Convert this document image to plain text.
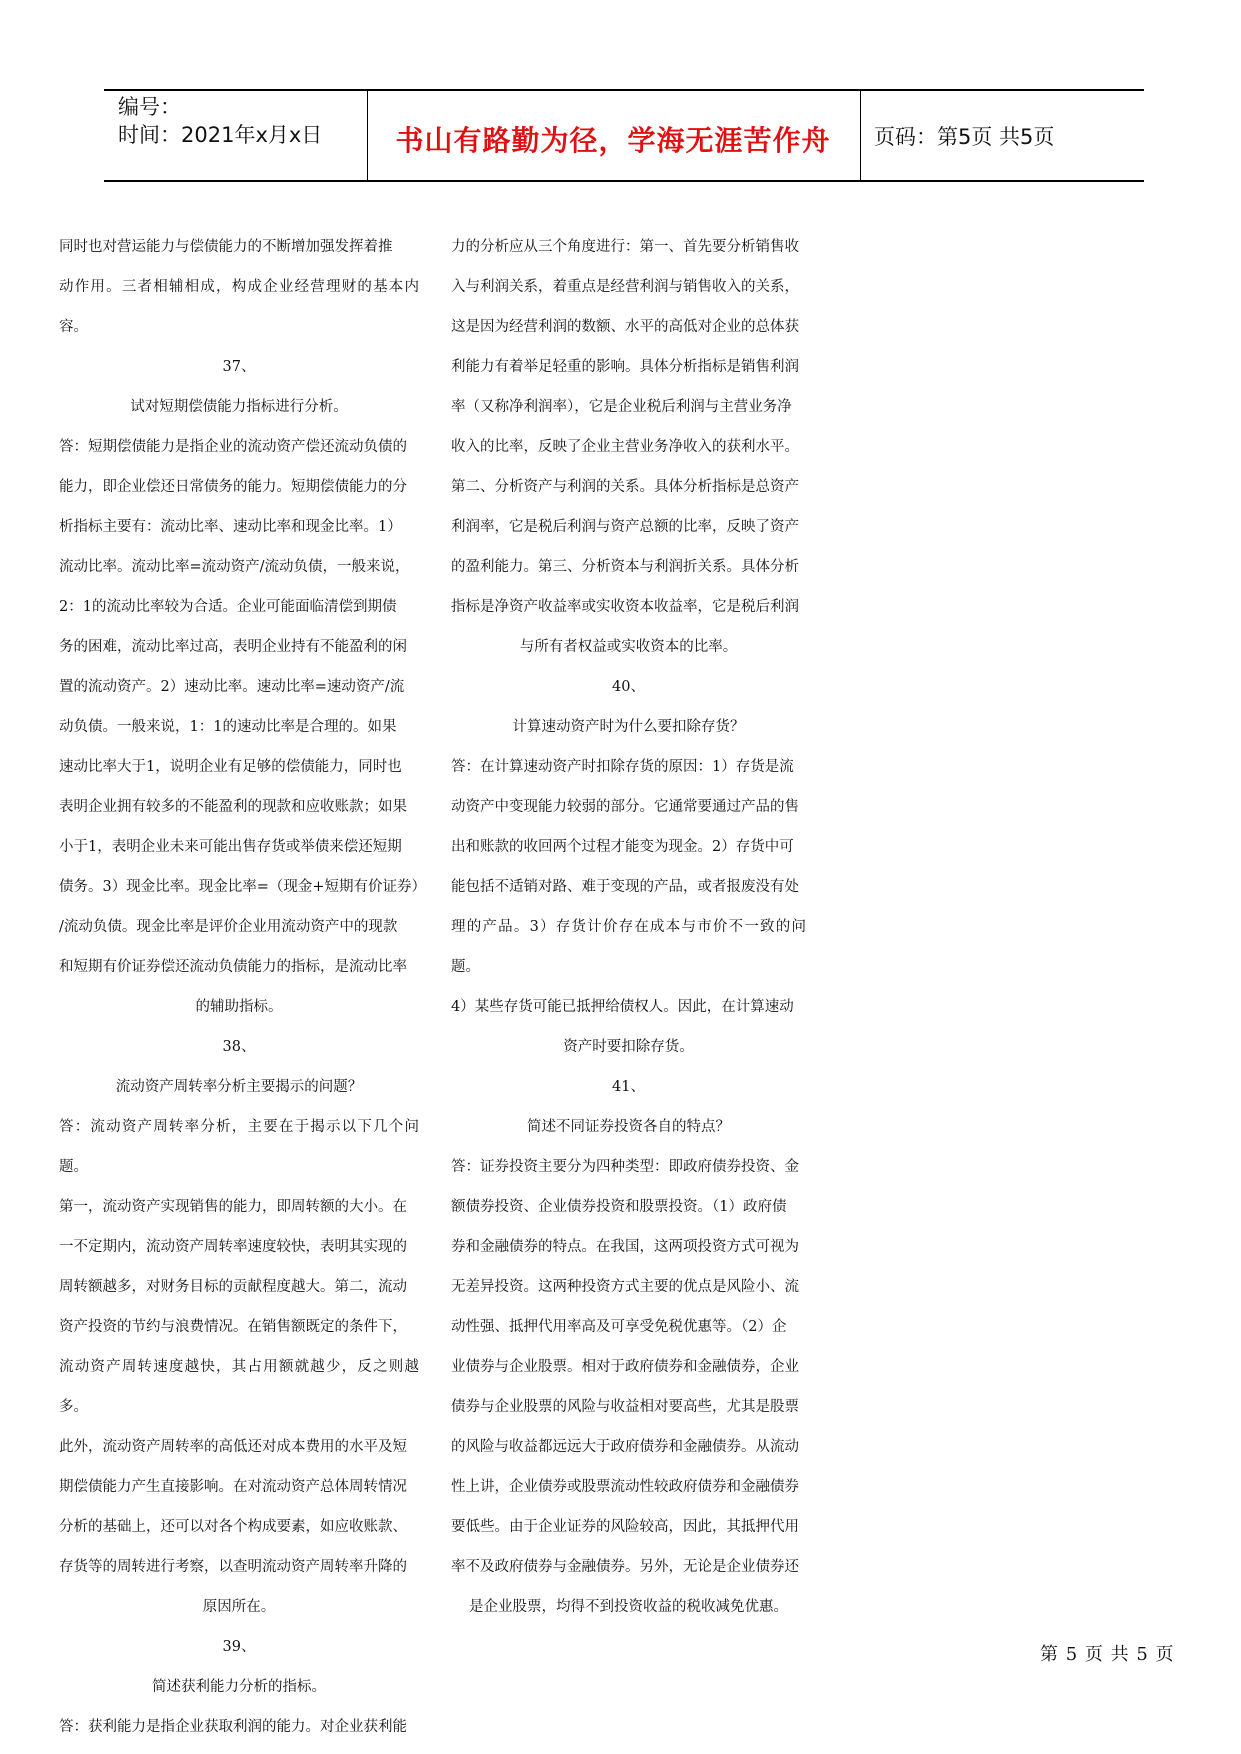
编号：
时间：2021年x月x日	书山有路勤为径，学海无涯苦作舟	页码：第5页 共5页

同时也对营运能力与偿债能力的不断增加强发挥着推

动作用。三者相辅相成，构成企业经营理财的基本内容。

37、

试对短期偿债能力指标进行分析。

答：短期偿债能力是指企业的流动资产偿还流动负债的

能力，即企业偿还日常债务的能力。短期偿债能力的分

析指标主要有：流动比率、速动比率和现金比率。1）

流动比率。流动比率=流动资产/流动负债，一般来说，

2：1的流动比率较为合适。企业可能面临清偿到期债

务的困难，流动比率过高，表明企业持有不能盈利的闲

置的流动资产。2）速动比率。速动比率=速动资产/流

动负债。一般来说，1：1的速动比率是合理的。如果

速动比率大于1，说明企业有足够的偿债能力，同时也

表明企业拥有较多的不能盈利的现款和应收账款；如果

小于1，表明企业未来可能出售存货或举债来偿还短期

债务。3）现金比率。现金比率=（现金+短期有价证券）

/流动负债。现金比率是评价企业用流动资产中的现款

和短期有价证券偿还流动负债能力的指标，是流动比率

的辅助指标。

38、

流动资产周转率分析主要揭示的问题？

答：流动资产周转率分析，主要在于揭示以下几个问题。

第一，流动资产实现销售的能力，即周转额的大小。在

一不定期内，流动资产周转率速度较快，表明其实现的

周转额越多，对财务目标的贡献程度越大。第二，流动

资产投资的节约与浪费情况。在销售额既定的条件下，

流动资产周转速度越快，其占用额就越少，反之则越多。

此外，流动资产周转率的高低还对成本费用的水平及短

期偿债能力产生直接影响。在对流动资产总体周转情况

分析的基础上，还可以对各个构成要素，如应收账款、

存货等的周转进行考察，以查明流动资产周转率升降的

原因所在。

39、

简述获利能力分析的指标。

答：获利能力是指企业获取利润的能力。对企业获利能

力的分析应从三个角度进行：第一、首先要分析销售收

入与利润关系，着重点是经营利润与销售收入的关系，

这是因为经营利润的数额、水平的高低对企业的总体获

利能力有着举足轻重的影响。具体分析指标是销售利润

率（又称净利润率），它是企业税后利润与主营业务净

收入的比率，反映了企业主营业务净收入的获利水平。

第二、分析资产与利润的关系。具体分析指标是总资产

利润率，它是税后利润与资产总额的比率，反映了资产

的盈利能力。第三、分析资本与利润折关系。具体分析

指标是净资产收益率或实收资本收益率，它是税后利润

与所有者权益或实收资本的比率。

40、

计算速动资产时为什么要扣除存货？

答：在计算速动资产时扣除存货的原因：1）存货是流

动资产中变现能力较弱的部分。它通常要通过产品的售

出和账款的收回两个过程才能变为现金。2）存货中可

能包括不适销对路、难于变现的产品，或者报废没有处

理的产品。3）存货计价存在成本与市价不一致的问题。

4）某些存货可能已抵押给债权人。因此，在计算速动

资产时要扣除存货。

41、

简述不同证券投资各自的特点？

答：证券投资主要分为四种类型：即政府债券投资、金

额债券投资、企业债券投资和股票投资。（1）政府债

券和金融债券的特点。在我国，这两项投资方式可视为

无差异投资。这两种投资方式主要的优点是风险小、流

动性强、抵押代用率高及可享受免税优惠等。（2）企

业债券与企业股票。相对于政府债券和金融债券，企业

债券与企业股票的风险与收益相对要高些，尤其是股票

的风险与收益都远远大于政府债券和金融债券。从流动

性上讲，企业债券或股票流动性较政府债券和金融债券

要低些。由于企业证券的风险较高，因此，其抵押代用

率不及政府债券与金融债券。另外，无论是企业债券还

是企业股票，均得不到投资收益的税收减免优惠。

第 5 页 共 5 页
